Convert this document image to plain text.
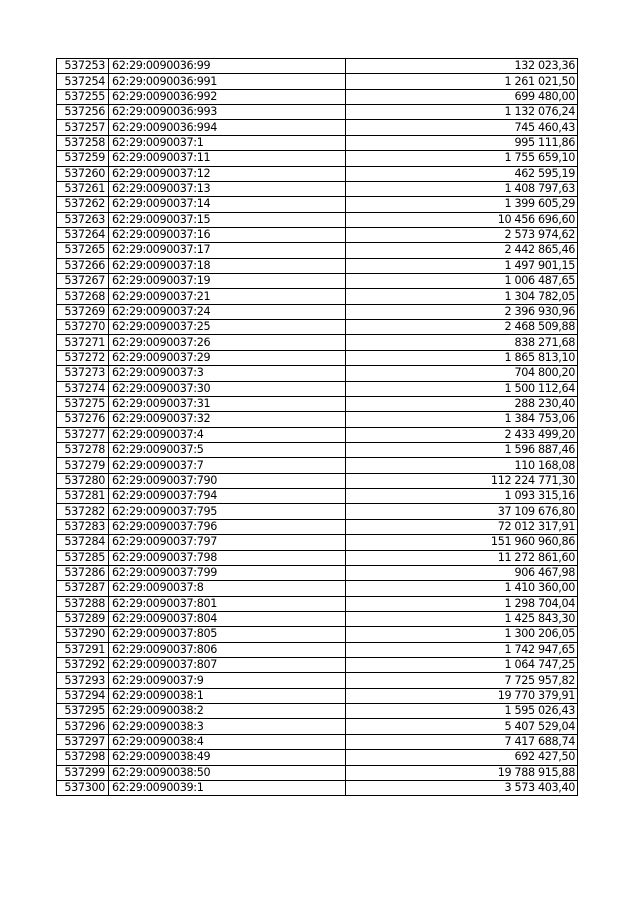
537253	62:29:0090036:99	132 023,36
537254	62:29:0090036:991	1 261 021,50
537255	62:29:0090036:992	699 480,00
537256	62:29:0090036:993	1 132 076,24
537257	62:29:0090036:994	745 460,43
537258	62:29:0090037:1	995 111,86
537259	62:29:0090037:11	1 755 659,10
537260	62:29:0090037:12	462 595,19
537261	62:29:0090037:13	1 408 797,63
537262	62:29:0090037:14	1 399 605,29
537263	62:29:0090037:15	10 456 696,60
537264	62:29:0090037:16	2 573 974,62
537265	62:29:0090037:17	2 442 865,46
537266	62:29:0090037:18	1 497 901,15
537267	62:29:0090037:19	1 006 487,65
537268	62:29:0090037:21	1 304 782,05
537269	62:29:0090037:24	2 396 930,96
537270	62:29:0090037:25	2 468 509,88
537271	62:29:0090037:26	838 271,68
537272	62:29:0090037:29	1 865 813,10
537273	62:29:0090037:3	704 800,20
537274	62:29:0090037:30	1 500 112,64
537275	62:29:0090037:31	288 230,40
537276	62:29:0090037:32	1 384 753,06
537277	62:29:0090037:4	2 433 499,20
537278	62:29:0090037:5	1 596 887,46
537279	62:29:0090037:7	110 168,08
537280	62:29:0090037:790	112 224 771,30
537281	62:29:0090037:794	1 093 315,16
537282	62:29:0090037:795	37 109 676,80
537283	62:29:0090037:796	72 012 317,91
537284	62:29:0090037:797	151 960 960,86
537285	62:29:0090037:798	11 272 861,60
537286	62:29:0090037:799	906 467,98
537287	62:29:0090037:8	1 410 360,00
537288	62:29:0090037:801	1 298 704,04
537289	62:29:0090037:804	1 425 843,30
537290	62:29:0090037:805	1 300 206,05
537291	62:29:0090037:806	1 742 947,65
537292	62:29:0090037:807	1 064 747,25
537293	62:29:0090037:9	7 725 957,82
537294	62:29:0090038:1	19 770 379,91
537295	62:29:0090038:2	1 595 026,43
537296	62:29:0090038:3	5 407 529,04
537297	62:29:0090038:4	7 417 688,74
537298	62:29:0090038:49	692 427,50
537299	62:29:0090038:50	19 788 915,88
537300	62:29:0090039:1	3 573 403,40
